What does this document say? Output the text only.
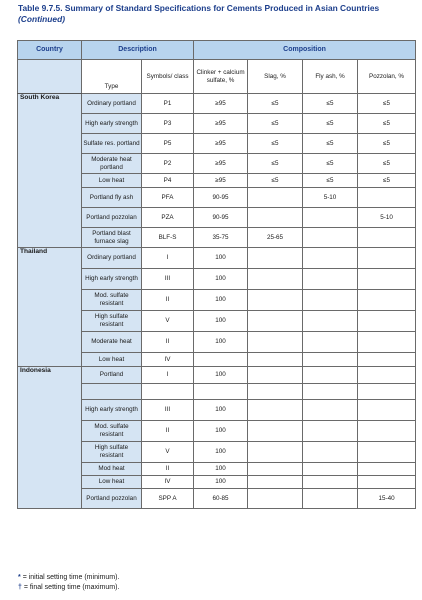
Table 9.7.5. Summary of Standard Specifications for Cements Produced in Asian Countries
(Continued)
Country	Description		Composition			
	Type	Symbols/ class	Clinker + calcium sulfate, %	Slag, %	Fly ash, %	Pozzolan, %
South Korea	Ordinary portland	P1	≥95	≤5	≤5	≤5
	High early strength	P3	≥95	≤5	≤5	≤5
	Sulfate res. portland	P5	≥95	≤5	≤5	≤5
	Moderate heat portland	P2	≥95	≤5	≤5	≤5
	Low heat	P4	≥95	≤5	≤5	≤5
	Portland fly ash	PFA	90-95		5-10	
	Portland pozzolan	PZA	90-95			5-10
	Portland blast furnace slag	BLF-S	35-75	25-65		
Thailand	Ordinary portland	I	100			
	High early strength	III	100			
	Mod. sulfate resistant	II	100			
	High sulfate resistant	V	100			
	Moderate heat	II	100			
	Low heat	IV				
Indonesia	Portland	I	100			

	High early strength	III	100			
	Mod. sulfate resistant	II	100			
	High sulfate resistant	V	100			
	Mod heat	II	100			
	Low heat	IV	100			
	Portland pozzolan	SPP A	60-85			15-40
* = initial setting time (minimum).
† = final setting time (maximum).
